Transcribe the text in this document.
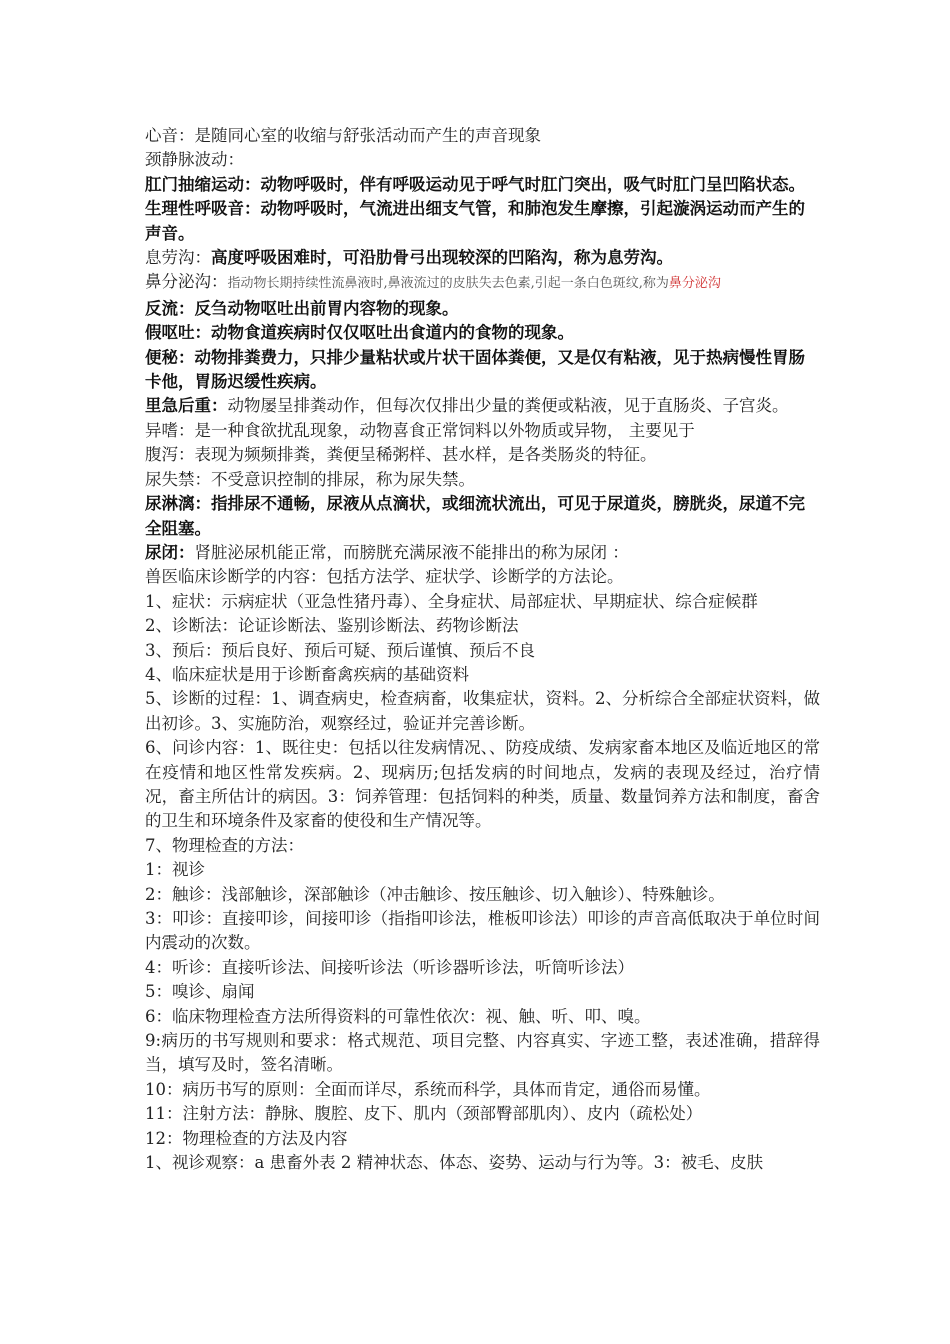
心音：是随同心室的收缩与舒张活动而产生的声音现象

颈静脉波动：

肛门抽缩运动：动物呼吸时，伴有呼吸运动见于呼气时肛门突出，吸气时肛门呈凹陷状态。

生理性呼吸音：动物呼吸时，气流进出细支气管，和肺泡发生摩擦，引起漩涡运动而产生的声音。

息劳沟：高度呼吸困难时，可沿肋骨弓出现较深的凹陷沟，称为息劳沟。

鼻分泌沟：指动物长期持续性流鼻液时,鼻液流过的皮肤失去色素,引起一条白色斑纹,称为鼻分泌沟

反流：反刍动物呕吐出前胃内容物的现象。

假呕吐：动物食道疾病时仅仅呕吐出食道内的食物的现象。

便秘：动物排粪费力，只排少量粘状或片状干固体粪便，又是仅有粘液，见于热病慢性胃肠卡他，胃肠迟缓性疾病。

里急后重：动物屡呈排粪动作，但每次仅排出少量的粪便或粘液，见于直肠炎、子宫炎。

异嗜：是一种食欲扰乱现象，动物喜食正常饲料以外物质或异物， 主要见于

腹泻：表现为频频排粪，粪便呈稀粥样、甚水样，是各类肠炎的特征。

尿失禁：不受意识控制的排尿，称为尿失禁。

尿淋漓：指排尿不通畅，尿液从点滴状，或细流状流出，可见于尿道炎，膀胱炎，尿道不完全阻塞。

尿闭：肾脏泌尿机能正常，而膀胱充满尿液不能排出的称为尿闭 ：

兽医临床诊断学的内容：包括方法学、症状学、诊断学的方法论。

1、症状：示病症状（亚急性猪丹毒）、全身症状、局部症状、早期症状、综合症候群

2、诊断法：论证诊断法、鉴别诊断法、药物诊断法

3、预后：预后良好、预后可疑、预后谨慎、预后不良

4、临床症状是用于诊断畜禽疾病的基础资料

5、诊断的过程：1、调查病史，检查病畜，收集症状，资料。2、分析综合全部症状资料，做出初诊。3、实施防治，观察经过，验证并完善诊断。

6、问诊内容：1、既往史：包括以往发病情况、、防疫成绩、发病家畜本地区及临近地区的常在疫情和地区性常发疾病。2、现病历;包括发病的时间地点，发病的表现及经过，治疗情况，畜主所估计的病因。3：饲养管理：包括饲料的种类，质量、数量饲养方法和制度，畜舍的卫生和环境条件及家畜的使役和生产情况等。

7、物理检查的方法：

1：视诊

2：触诊：浅部触诊，深部触诊（冲击触诊、按压触诊、切入触诊）、特殊触诊。

3：叩诊：直接叩诊，间接叩诊（指指叩诊法，椎板叩诊法）叩诊的声音高低取决于单位时间内震动的次数。

4：听诊：直接听诊法、间接听诊法（听诊器听诊法，听筒听诊法）

5：嗅诊、扇闻

6：临床物理检查方法所得资料的可靠性依次：视、触、听、叩、嗅。

9:病历的书写规则和要求：格式规范、项目完整、内容真实、字迹工整，表述准确，措辞得当，填写及时，签名清晰。

10：病历书写的原则：全面而详尽，系统而科学，具体而肯定，通俗而易懂。

11：注射方法：静脉、腹腔、皮下、肌内（颈部臀部肌肉）、皮内（疏松处）

12：物理检查的方法及内容

1、视诊观察：a 患畜外表 2 精神状态、体态、姿势、运动与行为等。3：被毛、皮肤
